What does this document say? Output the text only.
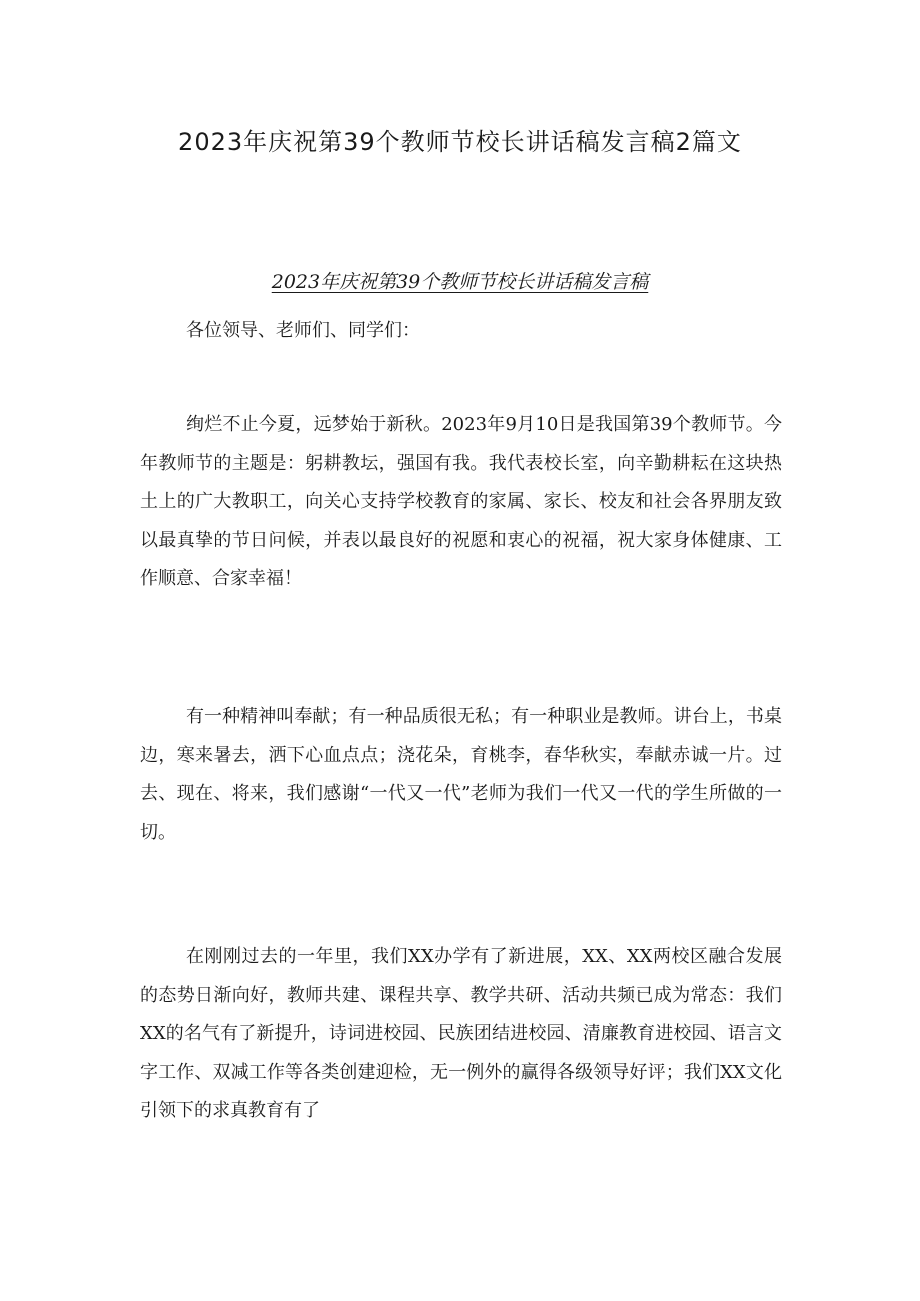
2023年庆祝第39个教师节校长讲话稿发言稿2篇文
2023年庆祝第39个教师节校长讲话稿发言稿
各位领导、老师们、同学们：

绚烂不止今夏，远梦始于新秋。2023年9月10日是我国第39个教师节。今年教师节的主题是：躬耕教坛，强国有我。我代表校长室，向辛勤耕耘在这块热土上的广大教职工，向关心支持学校教育的家属、家长、校友和社会各界朋友致以最真挚的节日问候，并表以最良好的祝愿和衷心的祝福，祝大家身体健康、工作顺意、合家幸福！

有一种精神叫奉献；有一种品质很无私；有一种职业是教师。讲台上，书桌边，寒来暑去，洒下心血点点；浇花朵，育桃李，春华秋实，奉献赤诚一片。过去、现在、将来，我们感谢“一代又一代”老师为我们一代又一代的学生所做的一切。

在刚刚过去的一年里，我们XX办学有了新进展，XX、XX两校区融合发展的态势日渐向好，教师共建、课程共享、教学共研、活动共频已成为常态：我们XX的名气有了新提升，诗词进校园、民族团结进校园、清廉教育进校园、语言文字工作、双减工作等各类创建迎检，无一例外的赢得各级领导好评；我们XX文化引领下的求真教育有了
